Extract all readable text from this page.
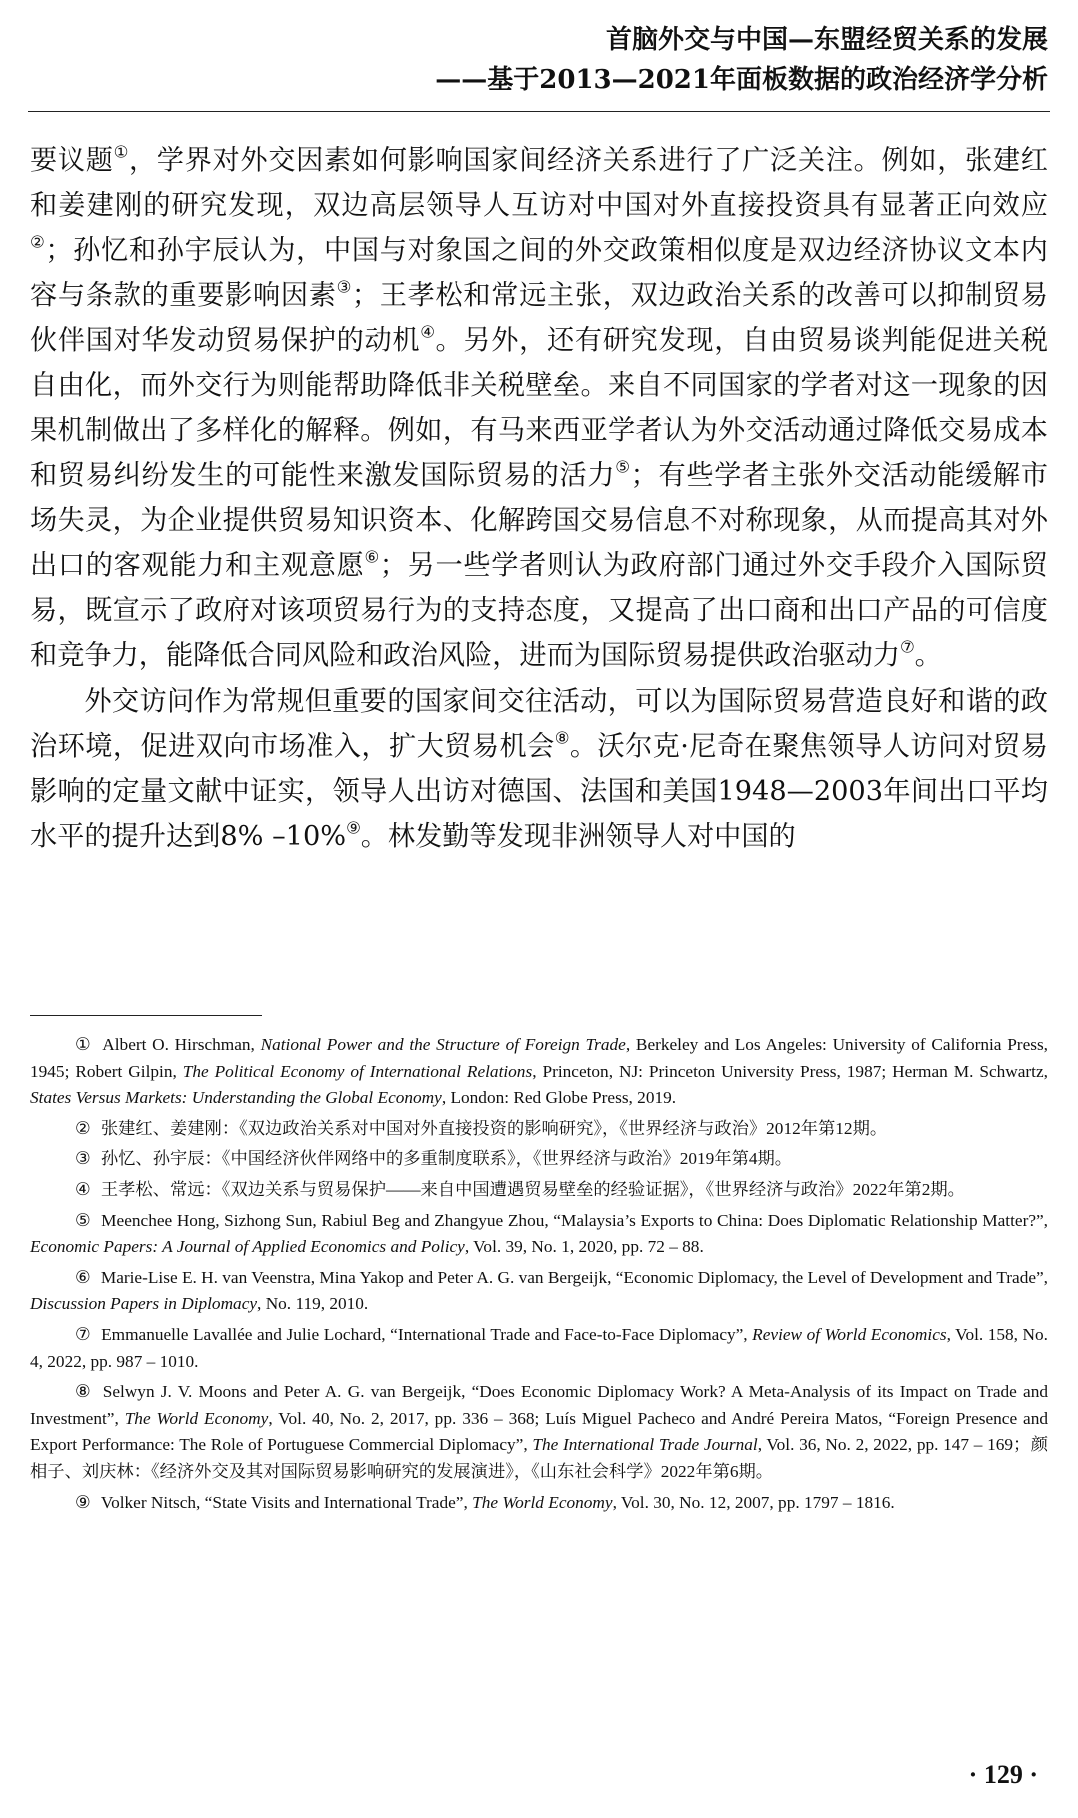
首脑外交与中国—东盟经贸关系的发展
——基于2013—2021年面板数据的政治经济学分析

要议题①，学界对外交因素如何影响国家间经济关系进行了广泛关注。例如，张建红和姜建刚的研究发现，双边高层领导人互访对中国对外直接投资具有显著正向效应②；孙忆和孙宇辰认为，中国与对象国之间的外交政策相似度是双边经济协议文本内容与条款的重要影响因素③；王孝松和常远主张，双边政治关系的改善可以抑制贸易伙伴国对华发动贸易保护的动机④。另外，还有研究发现，自由贸易谈判能促进关税自由化，而外交行为则能帮助降低非关税壁垒。来自不同国家的学者对这一现象的因果机制做出了多样化的解释。例如，有马来西亚学者认为外交活动通过降低交易成本和贸易纠纷发生的可能性来激发国际贸易的活力⑤；有些学者主张外交活动能缓解市场失灵，为企业提供贸易知识资本、化解跨国交易信息不对称现象，从而提高其对外出口的客观能力和主观意愿⑥；另一些学者则认为政府部门通过外交手段介入国际贸易，既宣示了政府对该项贸易行为的支持态度，又提高了出口商和出口产品的可信度和竞争力，能降低合同风险和政治风险，进而为国际贸易提供政治驱动力⑦。

外交访问作为常规但重要的国家间交往活动，可以为国际贸易营造良好和谐的政治环境，促进双向市场准入，扩大贸易机会⑧。沃尔克·尼奇在聚焦领导人访问对贸易影响的定量文献中证实，领导人出访对德国、法国和美国1948—2003年间出口平均水平的提升达到8% –10%⑨。林发勤等发现非洲领导人对中国的

① Albert O. Hirschman, National Power and the Structure of Foreign Trade, Berkeley and Los Angeles: University of California Press, 1945; Robert Gilpin, The Political Economy of International Relations, Princeton, NJ: Princeton University Press, 1987; Herman M. Schwartz, States Versus Markets: Understanding the Global Economy, London: Red Globe Press, 2019.

② 张建红、姜建刚：《双边政治关系对中国对外直接投资的影响研究》，《世界经济与政治》2012年第12期。

③ 孙忆、孙宇辰：《中国经济伙伴网络中的多重制度联系》，《世界经济与政治》2019年第4期。

④ 王孝松、常远：《双边关系与贸易保护——来自中国遭遇贸易壁垒的经验证据》，《世界经济与政治》2022年第2期。

⑤ Meenchee Hong, Sizhong Sun, Rabiul Beg and Zhangyue Zhou, “Malaysia’s Exports to China: Does Diplomatic Relationship Matter?”, Economic Papers: A Journal of Applied Economics and Policy, Vol. 39, No. 1, 2020, pp. 72 – 88.

⑥ Marie-Lise E. H. van Veenstra, Mina Yakop and Peter A. G. van Bergeijk, “Economic Diplomacy, the Level of Development and Trade”, Discussion Papers in Diplomacy, No. 119, 2010.

⑦ Emmanuelle Lavallée and Julie Lochard, “International Trade and Face-to-Face Diplomacy”, Review of World Economics, Vol. 158, No. 4, 2022, pp. 987 – 1010.

⑧ Selwyn J. V. Moons and Peter A. G. van Bergeijk, “Does Economic Diplomacy Work? A Meta-Analysis of its Impact on Trade and Investment”, The World Economy, Vol. 40, No. 2, 2017, pp. 336 – 368; Luís Miguel Pacheco and André Pereira Matos, “Foreign Presence and Export Performance: The Role of Portuguese Commercial Diplomacy”, The International Trade Journal, Vol. 36, No. 2, 2022, pp. 147 – 169；颜相子、刘庆林：《经济外交及其对国际贸易影响研究的发展演进》，《山东社会科学》2022年第6期。

⑨ Volker Nitsch, “State Visits and International Trade”, The World Economy, Vol. 30, No. 12, 2007, pp. 1797 – 1816.

· 129 ·
